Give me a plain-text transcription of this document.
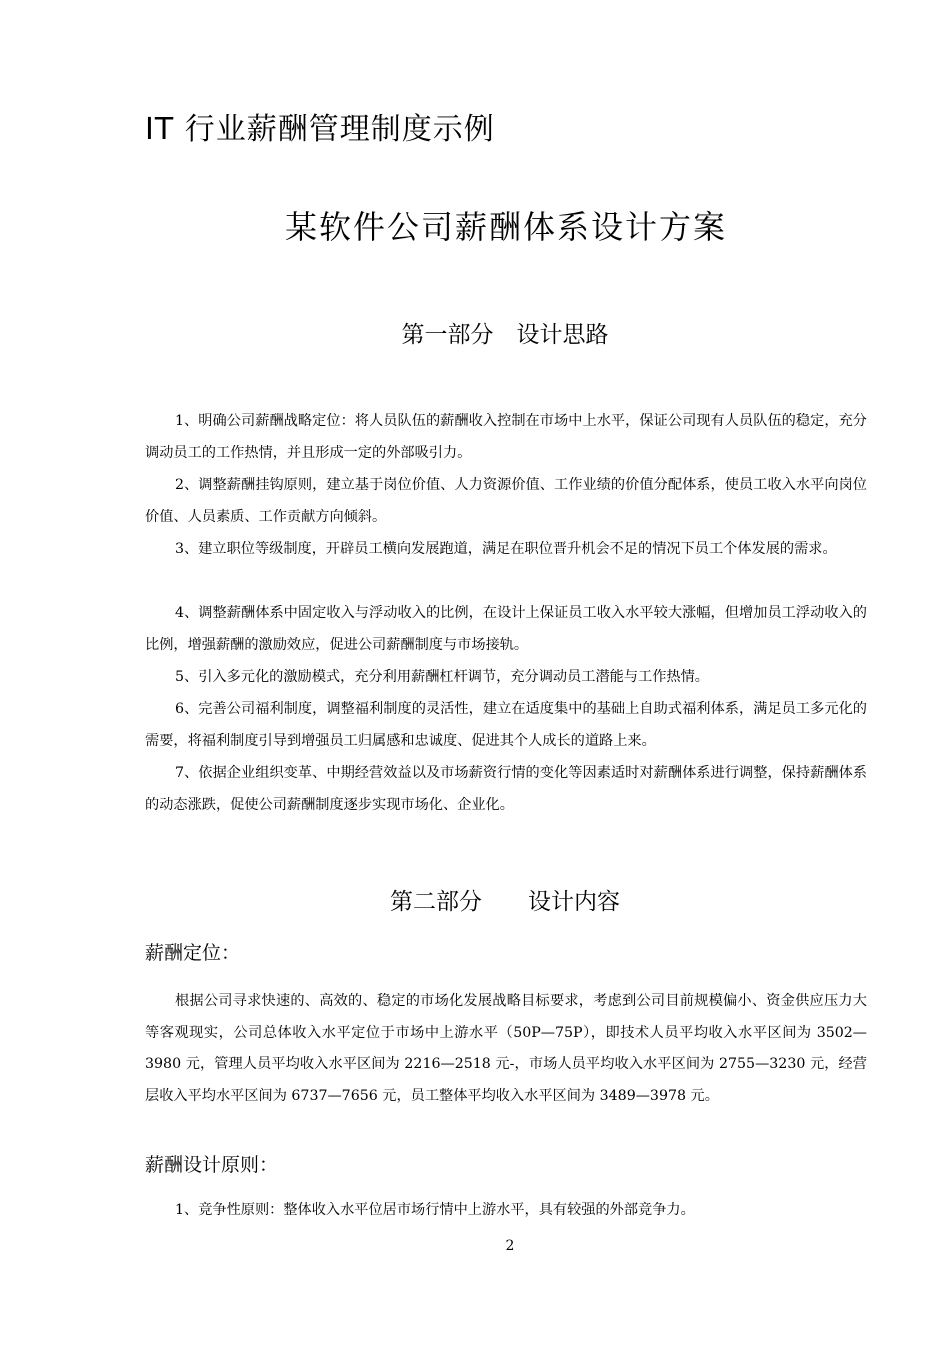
IT 行业薪酬管理制度示例
某软件公司薪酬体系设计方案
第一部分　设计思路

1、明确公司薪酬战略定位：将人员队伍的薪酬收入控制在市场中上水平，保证公司现有人员队伍的稳定，充分调动员工的工作热情，并且形成一定的外部吸引力。

2、调整薪酬挂钩原则，建立基于岗位价值、人力资源价值、工作业绩的价值分配体系，使员工收入水平向岗位价值、人员素质、工作贡献方向倾斜。

3、建立职位等级制度，开辟员工横向发展跑道，满足在职位晋升机会不足的情况下员工个体发展的需求。

4、调整薪酬体系中固定收入与浮动收入的比例，在设计上保证员工收入水平较大涨幅，但增加员工浮动收入的比例，增强薪酬的激励效应，促进公司薪酬制度与市场接轨。

5、引入多元化的激励模式，充分利用薪酬杠杆调节，充分调动员工潜能与工作热情。

6、完善公司福利制度，调整福利制度的灵活性，建立在适度集中的基础上自助式福利体系，满足员工多元化的需要，将福利制度引导到增强员工归属感和忠诚度、促进其个人成长的道路上来。

7、依据企业组织变革、中期经营效益以及市场薪资行情的变化等因素适时对薪酬体系进行调整，保持薪酬体系的动态涨跌，促使公司薪酬制度逐步实现市场化、企业化。

第二部分　　设计内容
薪酬定位：

根据公司寻求快速的、高效的、稳定的市场化发展战略目标要求，考虑到公司目前规模偏小、资金供应压力大等客观现实，公司总体收入水平定位于市场中上游水平（50P—75P），即技术人员平均收入水平区间为 3502—3980 元，管理人员平均收入水平区间为 2216—2518 元-，市场人员平均收入水平区间为 2755—3230 元，经营层收入平均水平区间为 6737—7656 元，员工整体平均收入水平区间为 3489—3978 元。

薪酬设计原则：

1、竞争性原则：整体收入水平位居市场行情中上游水平，具有较强的外部竞争力。

2
